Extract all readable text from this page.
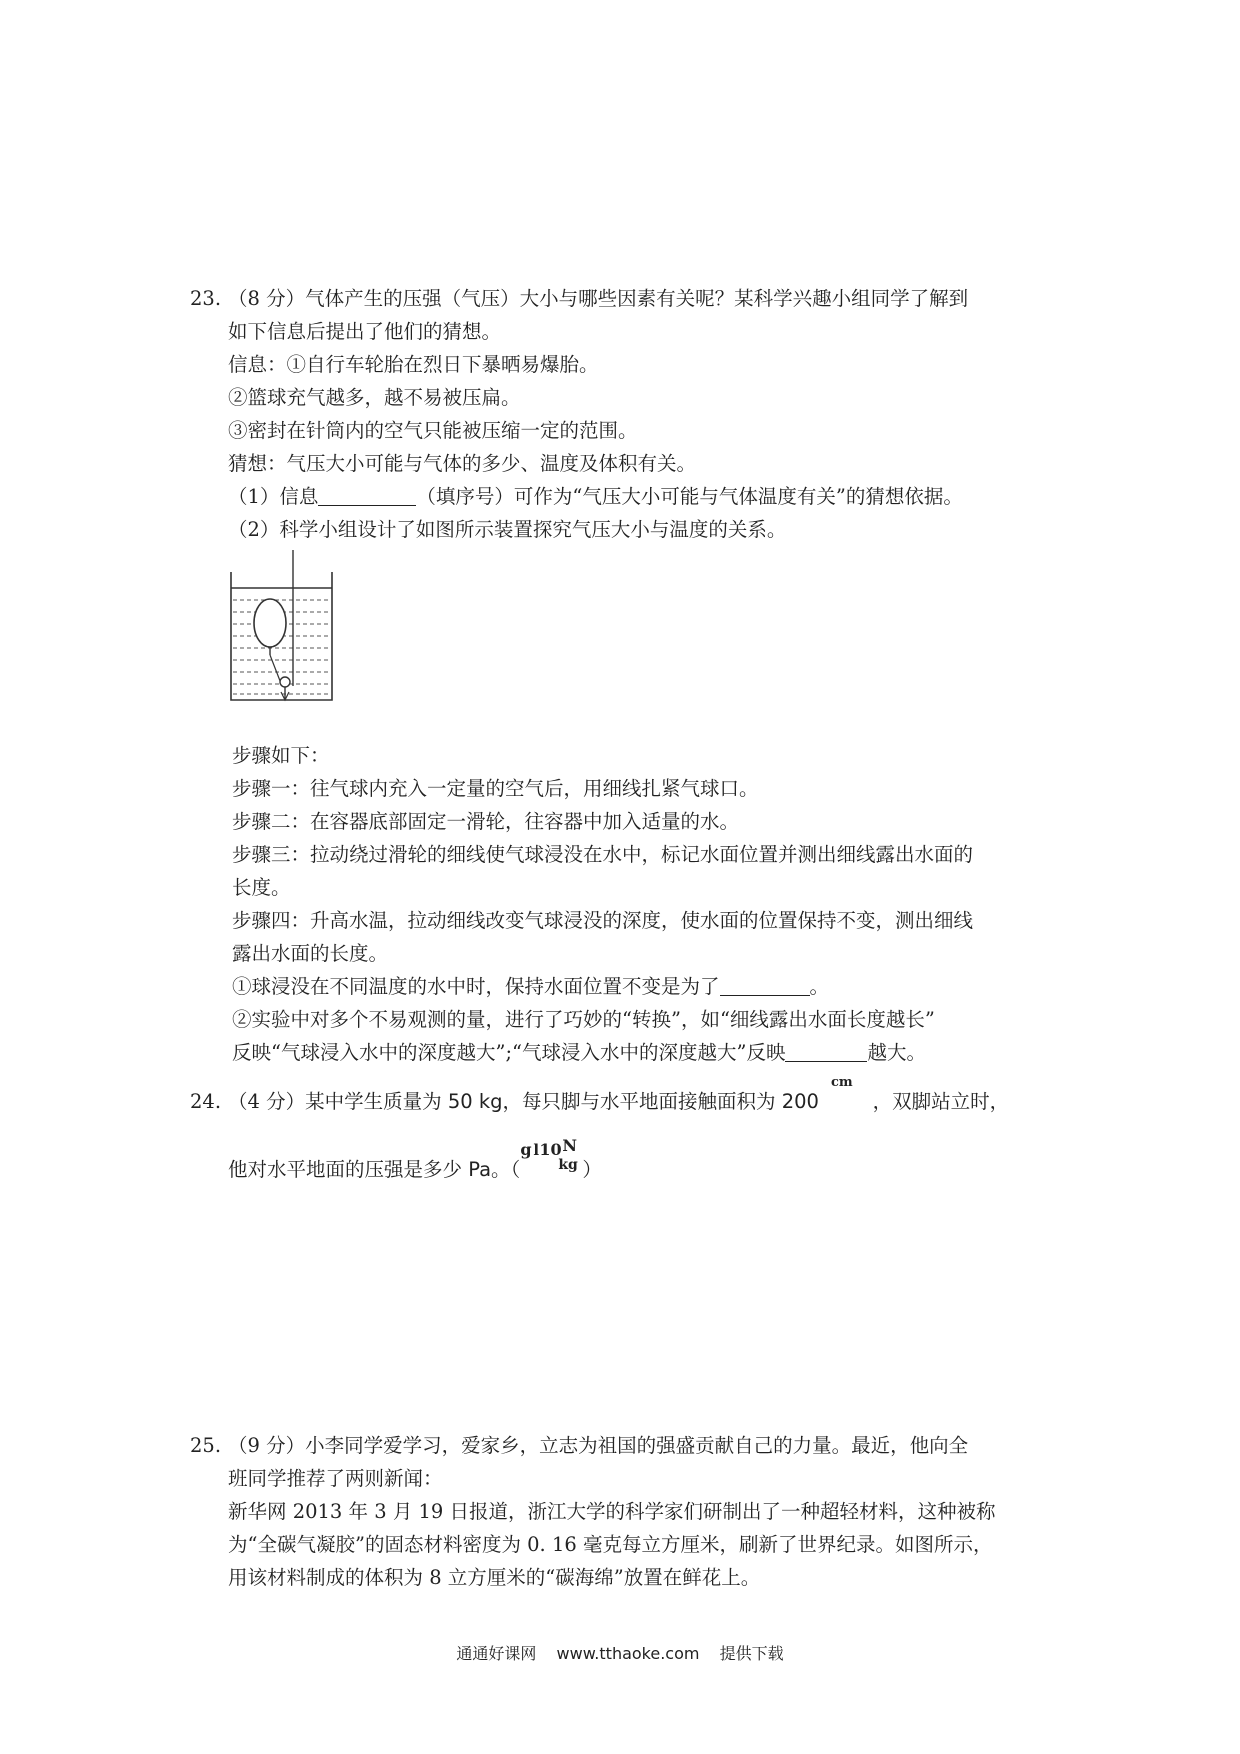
23. （8 分）气体产生的压强（气压）大小与哪些因素有关呢？某科学兴趣小组同学了解到
如下信息后提出了他们的猜想。
信息：①自行车轮胎在烈日下暴晒易爆胎。
②篮球充气越多，越不易被压扁。
③密封在针筒内的空气只能被压缩一定的范围。
猜想：气压大小可能与气体的多少、温度及体积有关。
（1）信息	（填序号）可作为“气压大小可能与气体温度有关”的猜想依据。
（2）科学小组设计了如图所示装置探究气压大小与温度的关系。
步骤如下：
步骤一：往气球内充入一定量的空气后，用细线扎紧气球口。
步骤二：在容器底部固定一滑轮，往容器中加入适量的水。
步骤三：拉动绕过滑轮的细线使气球浸没在水中，标记水面位置并测出细线露出水面的
长度。
步骤四：升高水温，拉动细线改变气球浸没的深度，使水面的位置保持不变，测出细线
露出水面的长度。
①球浸没在不同温度的水中时，保持水面位置不变是为了	。
②实验中对多个不易观测的量，进行了巧妙的“转换”，如“细线露出水面长度越长”
反映“气球浸入水中的深度越大”;“气球浸入水中的深度越大”反映	越大。
24. （4 分）某中学生质量为 50 kg，每只脚与水平地面接触面积为 200cm，双脚站立时，
他对水平地面的压强是多少 Pa。（
g l 10 N
kg ）
25. （9 分）小李同学爱学习，爱家乡，立志为祖国的强盛贡献自己的力量。最近，他向全
班同学推荐了两则新闻：
新华网 2013 年 3 月 19 日报道，浙江大学的科学家们研制出了一种超轻材料，这种被称
为“全碳气凝胶”的固态材料密度为 0. 16 毫克每立方厘米，刷新了世界纪录。如图所示，
用该材料制成的体积为 8 立方厘米的“碳海绵”放置在鲜花上。
通通好课网 www.tthaoke.com 提供下载
